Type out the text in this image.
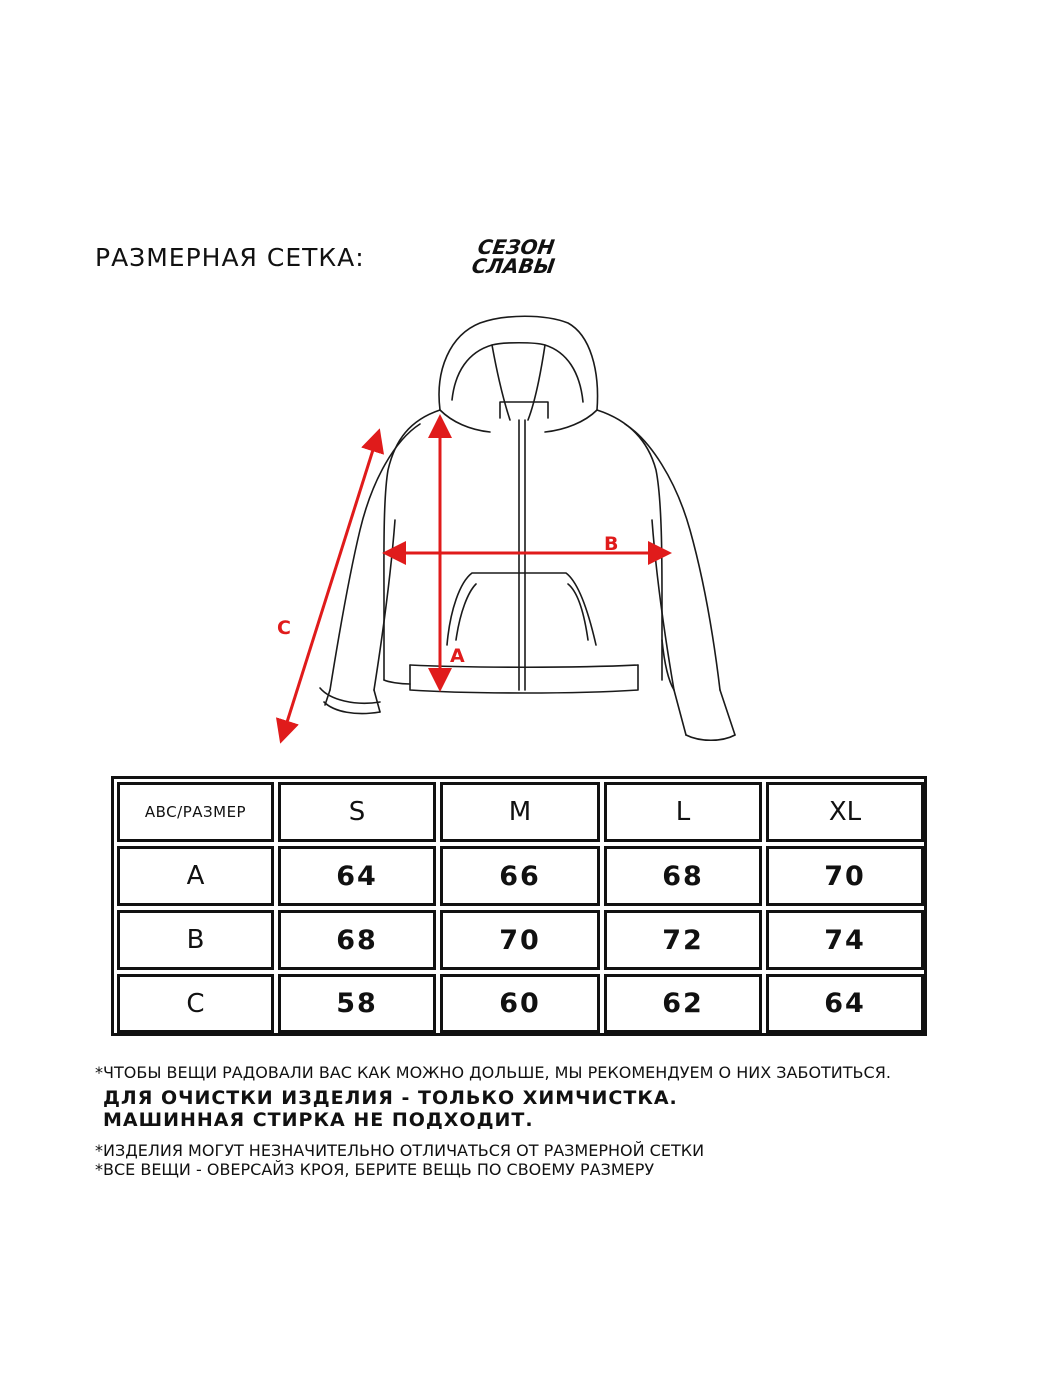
РАЗМЕРНАЯ СЕТКА:	СЕЗОН
СЛАВЫ
A
B
C
ABC/РАЗМЕР	S	M	L	XL
A	64	66	68	70
B	68	70	72	74
C	58	60	62	64
*ЧТОБЫ ВЕЩИ РАДОВАЛИ ВАС КАК МОЖНО ДОЛЬШЕ, МЫ РЕКОМЕНДУЕМ О НИХ ЗАБОТИТЬСЯ.
ДЛЯ ОЧИСТКИ ИЗДЕЛИЯ - ТОЛЬКО ХИМЧИСТКА.
МАШИННАЯ СТИРКА НЕ ПОДХОДИТ.
*ИЗДЕЛИЯ МОГУТ НЕЗНАЧИТЕЛЬНО ОТЛИЧАТЬСЯ ОТ РАЗМЕРНОЙ СЕТКИ
*ВСЕ ВЕЩИ - ОВЕРСАЙЗ КРОЯ, БЕРИТЕ ВЕЩЬ ПО СВОЕМУ РАЗМЕРУ
